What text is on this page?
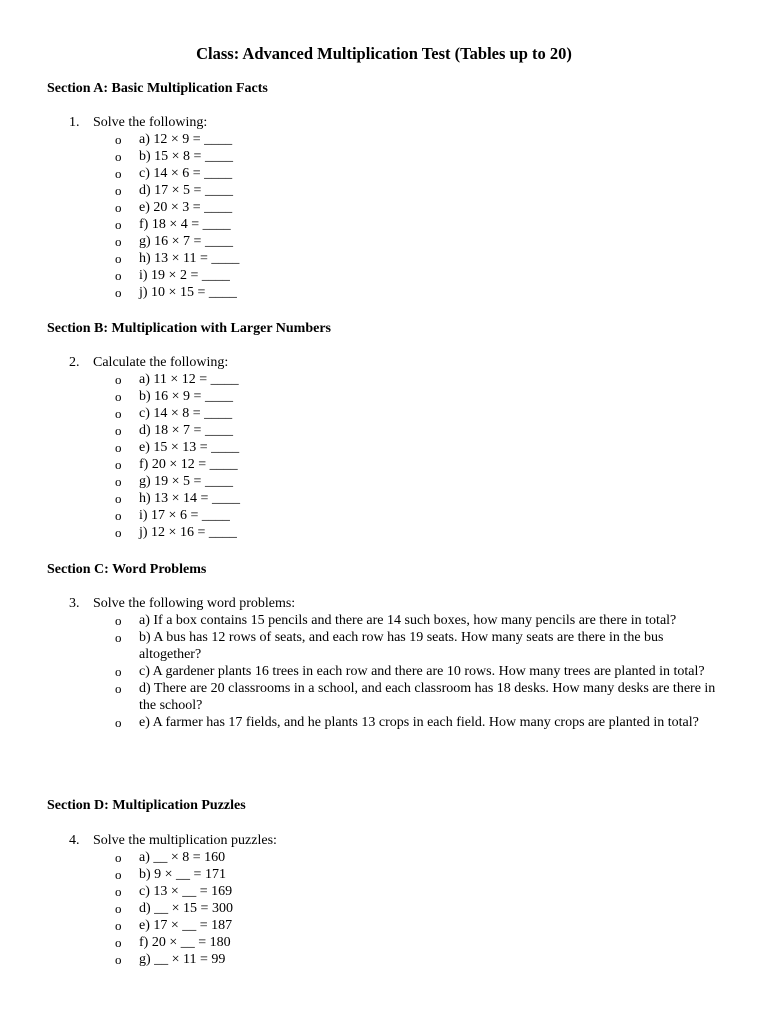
Class: Advanced Multiplication Test (Tables up to 20)
Section A: Basic Multiplication Facts
1. Solve the following:
o a) 12 × 9 = ____
o b) 15 × 8 = ____
o c) 14 × 6 = ____
o d) 17 × 5 = ____
o e) 20 × 3 = ____
o f) 18 × 4 = ____
o g) 16 × 7 = ____
o h) 13 × 11 = ____
o i) 19 × 2 = ____
o j) 10 × 15 = ____
Section B: Multiplication with Larger Numbers
2. Calculate the following:
o a) 11 × 12 = ____
o b) 16 × 9 = ____
o c) 14 × 8 = ____
o d) 18 × 7 = ____
o e) 15 × 13 = ____
o f) 20 × 12 = ____
o g) 19 × 5 = ____
o h) 13 × 14 = ____
o i) 17 × 6 = ____
o j) 12 × 16 = ____
Section C: Word Problems
3. Solve the following word problems:
o a) If a box contains 15 pencils and there are 14 such boxes, how many pencils are there in total?
o b) A bus has 12 rows of seats, and each row has 19 seats. How many seats are there in the bus altogether?
o c) A gardener plants 16 trees in each row and there are 10 rows. How many trees are planted in total?
o d) There are 20 classrooms in a school, and each classroom has 18 desks. How many desks are there in the school?
o e) A farmer has 17 fields, and he plants 13 crops in each field. How many crops are planted in total?
Section D: Multiplication Puzzles
4. Solve the multiplication puzzles:
o a) __ × 8 = 160
o b) 9 × __ = 171
o c) 13 × __ = 169
o d) __ × 15 = 300
o e) 17 × __ = 187
o f) 20 × __ = 180
o g) __ × 11 = 99
